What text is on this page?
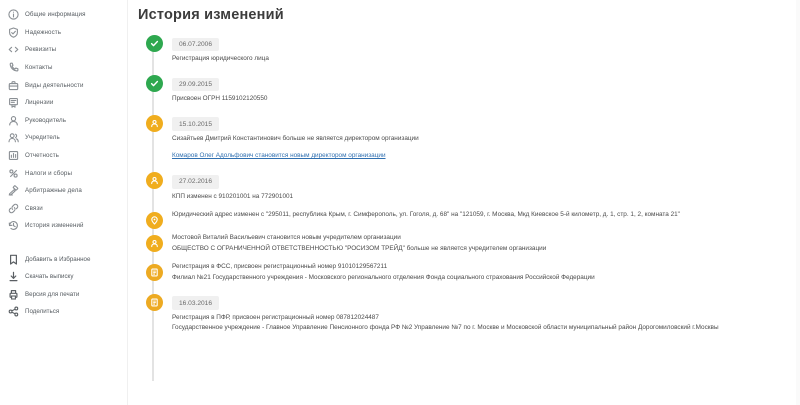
Общие информация
Надежность
Реквизиты
Контакты
Виды деятельности
Лицензии
Руководитель
Учредитель
Отчетность
Налоги и сборы
Арбитражные дела
Связи
История изменений
Добавить в Избранное
Скачать выписку
Версия для печати
Поделиться
История изменений
06.07.2006

Регистрация юридического лица

29.09.2015

Присвоен ОГРН 1159102120550

15.10.2015

Сизайтьев Дмитрий Константинович больше не является директором организации

Комаров Олег Адольфович становится новым директором организации
27.02.2016

КПП изменен с 910201001 на 772901001

Юридический адрес изменен с "295011, республика Крым, г. Симферополь, ул. Гоголя, д. 68" на "121059, г. Москва, Мкд Киевское 5-й километр, д. 1, стр. 1, 2, комната 21"

Мостовой Виталий Васильевич становится новым учредителем организации

ОБЩЕСТВО С ОГРАНИЧЕННОЙ ОТВЕТСТВЕННОСТЬЮ "РОСИЗОМ ТРЕЙД" больше не является учредителем организации

Регистрация в ФСС, присвоен регистрационный номер 91010129567211

Филиал №21 Государственного учреждения - Московского регионального отделения Фонда социального страхования Российской Федерации

16.03.2016

Регистрация в ПФР, присвоен регистрационный номер 087812024487

Государственное учреждение - Главное Управление Пенсионного фонда РФ №2 Управление №7 по г. Москве и Московской области муниципальный район Дорогомиловский г.Москвы
